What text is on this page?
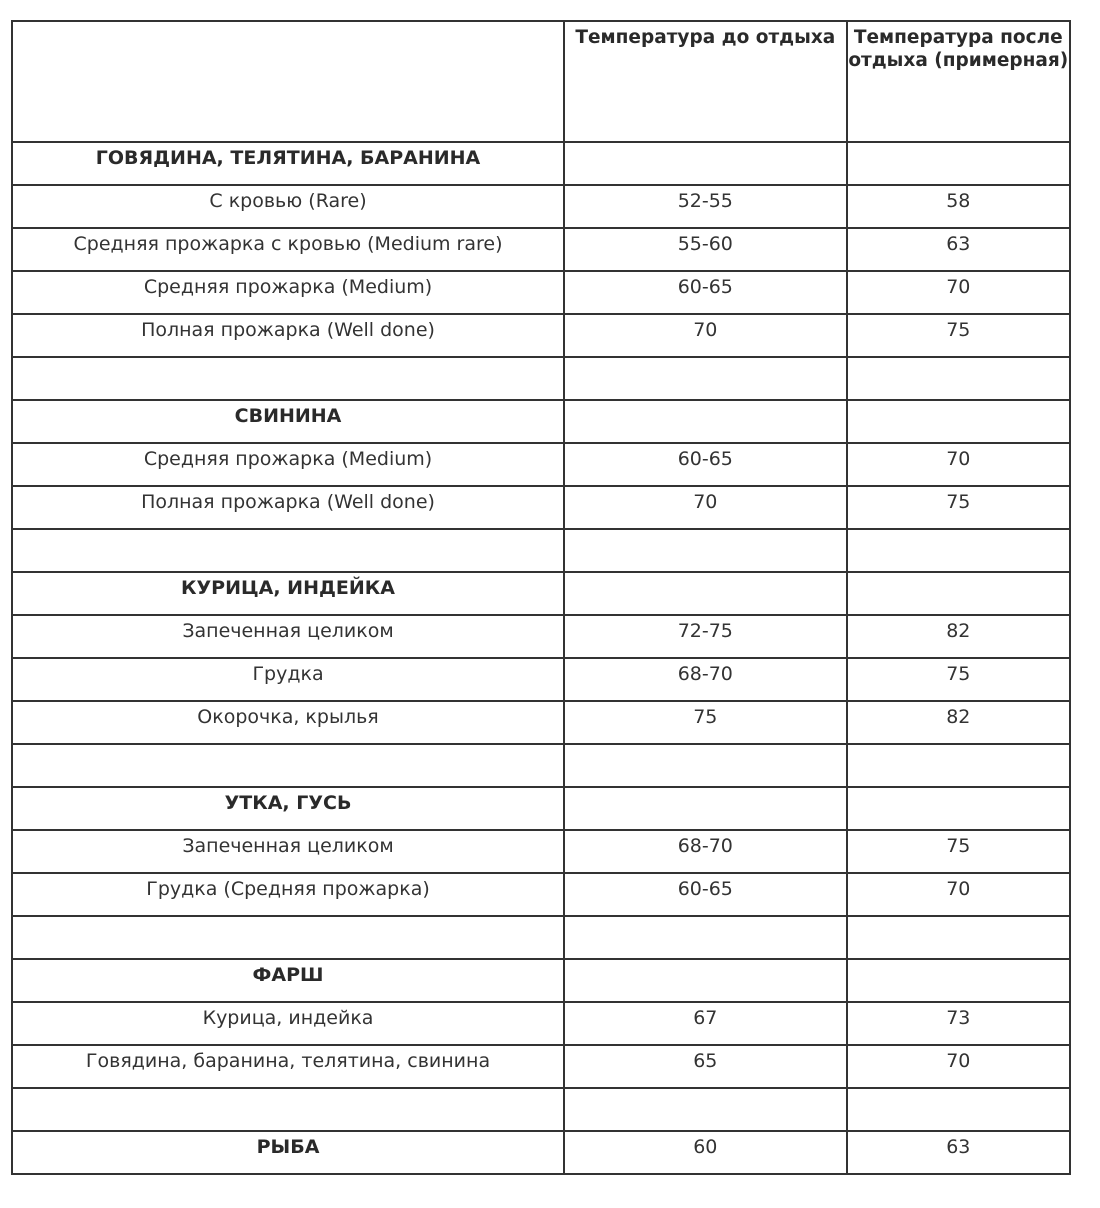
	Температура до отдыха	Температура после отдыха (примерная)
ГОВЯДИНА, ТЕЛЯТИНА, БАРАНИНА		
С кровью (Rare)	52-55	58
Средняя прожарка с кровью (Medium rare)	55-60	63
Средняя прожарка (Medium)	60-65	70
Полная прожарка (Well done)	70	75

СВИНИНА		
Средняя прожарка (Medium)	60-65	70
Полная прожарка (Well done)	70	75

КУРИЦА, ИНДЕЙКА		
Запеченная целиком	72-75	82
Грудка	68-70	75
Окорочка, крылья	75	82

УТКА, ГУСЬ		
Запеченная целиком	68-70	75
Грудка (Средняя прожарка)	60-65	70

ФАРШ		
Курица, индейка	67	73
Говядина, баранина, телятина, свинина	65	70

РЫБА	60	63
